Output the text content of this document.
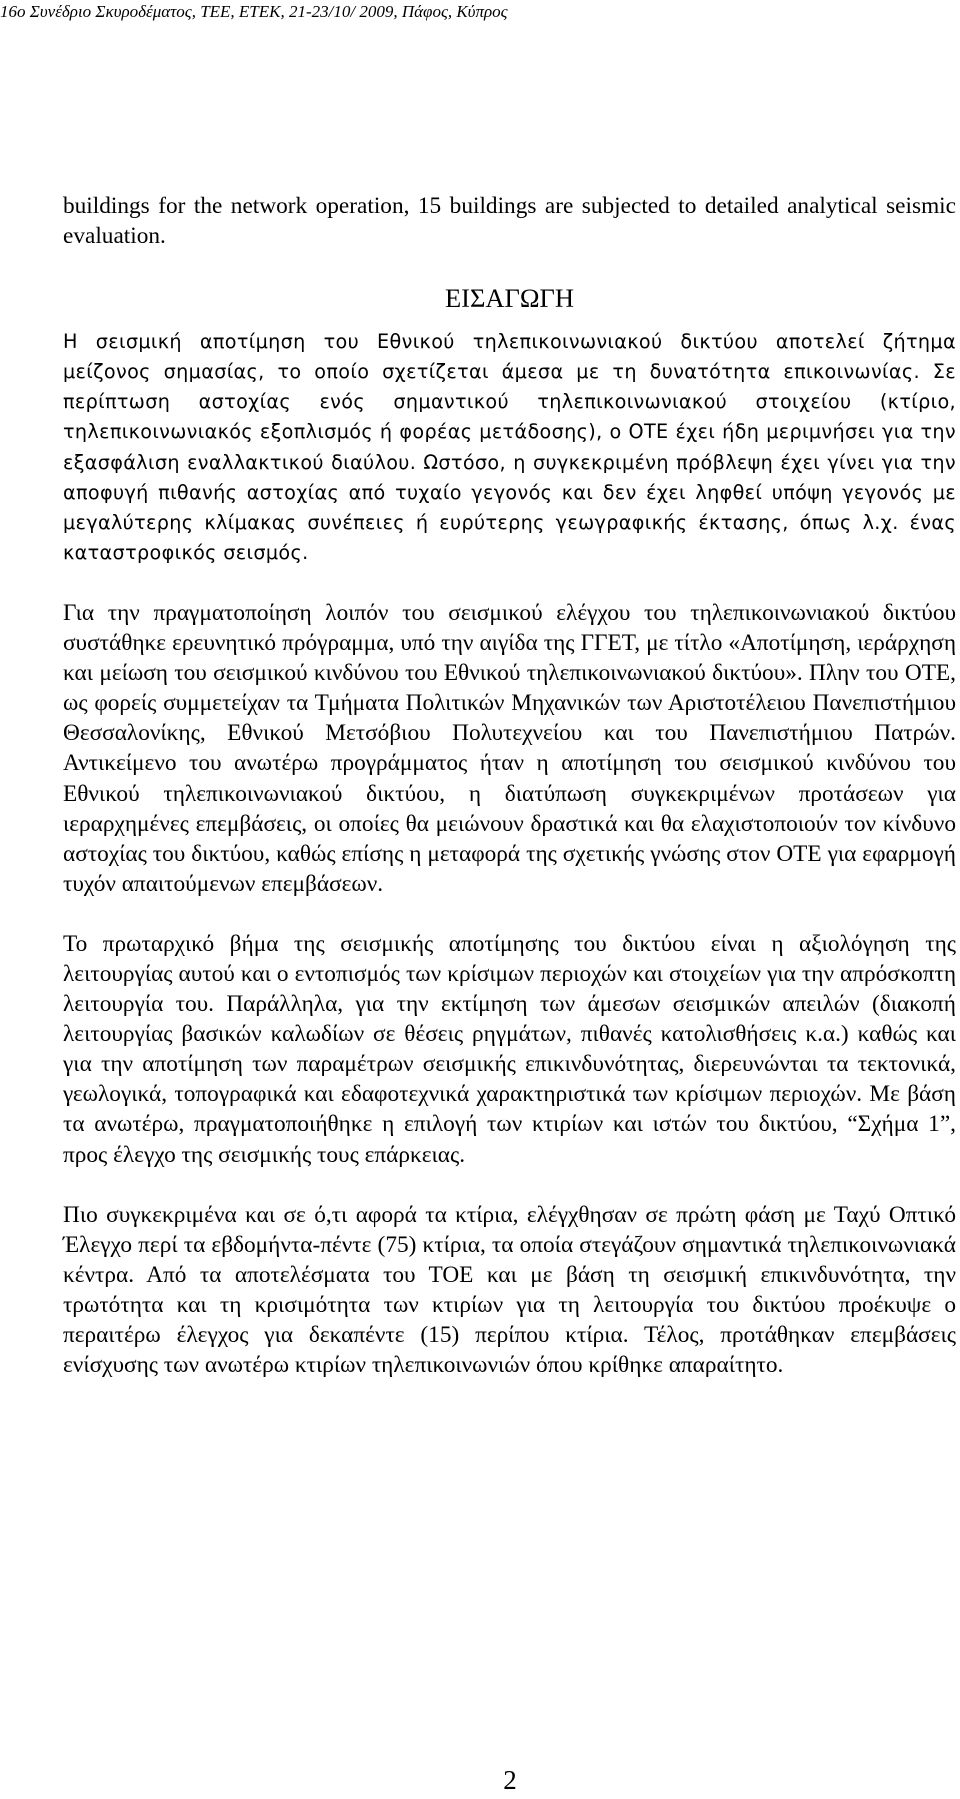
16ο Συνέδριο Σκυροδέματος, ΤΕΕ, ΕΤΕΚ, 21-23/10/ 2009, Πάφος, Κύπρος

buildings for the network operation, 15 buildings are subjected to detailed analytical seismic evaluation.

ΕΙΣΑΓΩΓΗ

Η σεισμική αποτίμηση του Εθνικού τηλεπικοινωνιακού δικτύου αποτελεί ζήτημα μείζονος σημασίας, το οποίο σχετίζεται άμεσα με τη δυνατότητα επικοινωνίας. Σε περίπτωση αστοχίας ενός σημαντικού τηλεπικοινωνιακού στοιχείου (κτίριο, τηλεπικοινωνιακός εξοπλισμός ή φορέας μετάδοσης), ο ΟΤΕ έχει ήδη μεριμνήσει για την εξασφάλιση εναλλακτικού διαύλου. Ωστόσο, η συγκεκριμένη πρόβλεψη έχει γίνει για την αποφυγή πιθανής αστοχίας από τυχαίο γεγονός και δεν έχει ληφθεί υπόψη γεγονός με μεγαλύτερης κλίμακας συνέπειες ή ευρύτερης γεωγραφικής έκτασης, όπως λ.χ. ένας καταστροφικός σεισμός.

Για την πραγματοποίηση λοιπόν του σεισμικού ελέγχου του τηλεπικοινωνιακού δικτύου συστάθηκε ερευνητικό πρόγραμμα, υπό την αιγίδα της ΓΓΕΤ, με τίτλο «Αποτίμηση, ιεράρχηση και μείωση του σεισμικού κινδύνου του Εθνικού τηλεπικοινωνιακού δικτύου». Πλην του ΟΤΕ, ως φορείς συμμετείχαν τα Τμήματα Πολιτικών Μηχανικών των Αριστοτέλειου Πανεπιστήμιου Θεσσαλονίκης, Εθνικού Μετσόβιου Πολυτεχνείου και του Πανεπιστήμιου Πατρών. Αντικείμενο του ανωτέρω προγράμματος ήταν η αποτίμηση του σεισμικού κινδύνου του Εθνικού τηλεπικοινωνιακού δικτύου, η διατύπωση συγκεκριμένων προτάσεων για ιεραρχημένες επεμβάσεις, οι οποίες θα μειώνουν δραστικά και θα ελαχιστοποιούν τον κίνδυνο αστοχίας του δικτύου, καθώς επίσης η μεταφορά της σχετικής γνώσης στον ΟΤΕ για εφαρμογή τυχόν απαιτούμενων επεμβάσεων.

Το πρωταρχικό βήμα της σεισμικής αποτίμησης του δικτύου είναι η αξιολόγηση της λειτουργίας αυτού και ο εντοπισμός των κρίσιμων περιοχών και στοιχείων για την απρόσκοπτη λειτουργία του. Παράλληλα, για την εκτίμηση των άμεσων σεισμικών απειλών (διακοπή λειτουργίας βασικών καλωδίων σε θέσεις ρηγμάτων, πιθανές κατολισθήσεις κ.α.) καθώς και για την αποτίμηση των παραμέτρων σεισμικής επικινδυνότητας, διερευνώνται τα τεκτονικά, γεωλογικά, τοπογραφικά και εδαφοτεχνικά χαρακτηριστικά των κρίσιμων περιοχών. Με βάση τα ανωτέρω, πραγματοποιήθηκε η επιλογή των κτιρίων και ιστών του δικτύου, “Σχήμα 1”, προς έλεγχο της σεισμικής τους επάρκειας.

Πιο συγκεκριμένα και σε ό,τι αφορά τα κτίρια, ελέγχθησαν σε πρώτη φάση με Ταχύ Οπτικό Έλεγχο περί τα εβδομήντα-πέντε (75) κτίρια, τα οποία στεγάζουν σημαντικά τηλεπικοινωνιακά κέντρα. Από τα αποτελέσματα του ΤΟΕ και με βάση τη σεισμική επικινδυνότητα, την τρωτότητα και τη κρισιμότητα των κτιρίων για τη λειτουργία του δικτύου προέκυψε ο περαιτέρω έλεγχος για δεκαπέντε (15) περίπου κτίρια. Τέλος, προτάθηκαν επεμβάσεις ενίσχυσης των ανωτέρω κτιρίων τηλεπικοινωνιών όπου κρίθηκε απαραίτητο.

2
